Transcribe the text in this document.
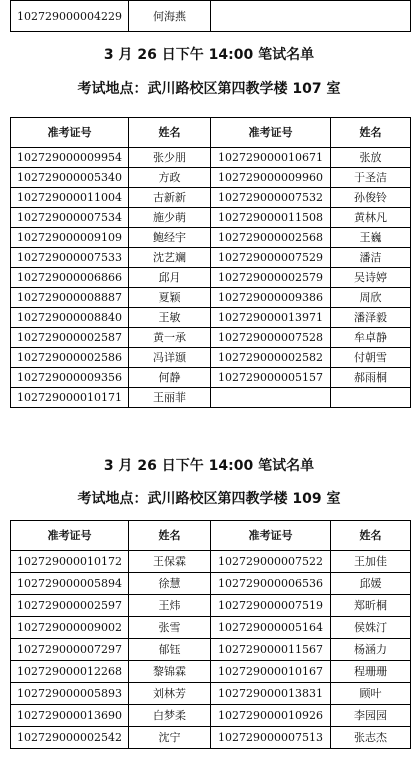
102729000004229	何海燕	
3 月 26 日下午 14:00 笔试名单
考试地点：武川路校区第四教学楼 107 室
准考证号	姓名	准考证号	姓名
102729000009954	张少朋	102729000010671	张放
102729000005340	方政	102729000009960	于圣洁
102729000011004	古新新	102729000007532	孙俊铃
102729000007534	施少萌	102729000011508	黄林凡
102729000009109	鲍经宇	102729000002568	王巍
102729000007533	沈艺斓	102729000007529	潘洁
102729000006866	邱月	102729000002579	吴诗婷
102729000008887	夏颖	102729000009386	周欣
102729000008840	王敏	102729000013971	潘泽毅
102729000002587	黄一承	102729000007528	牟卓静
102729000002586	冯详颋	102729000002582	付朝雪
102729000009356	何静	102729000005157	郝雨桐
102729000010171	王丽菲		
3 月 26 日下午 14:00 笔试名单
考试地点：武川路校区第四教学楼 109 室
准考证号	姓名	准考证号	姓名
102729000010172	王保霖	102729000007522	王加佳
102729000005894	徐慧	102729000006536	邱媛
102729000002597	王炜	102729000007519	郑昕桐
102729000009002	张雪	102729000005164	侯姝汀
102729000007297	郁钰	102729000011567	杨涵力
102729000012268	黎锦霖	102729000010167	程珊珊
102729000005893	刘林芳	102729000013831	顾叶
102729000013690	白梦柔	102729000010926	李园园
102729000002542	沈宁	102729000007513	张志杰
